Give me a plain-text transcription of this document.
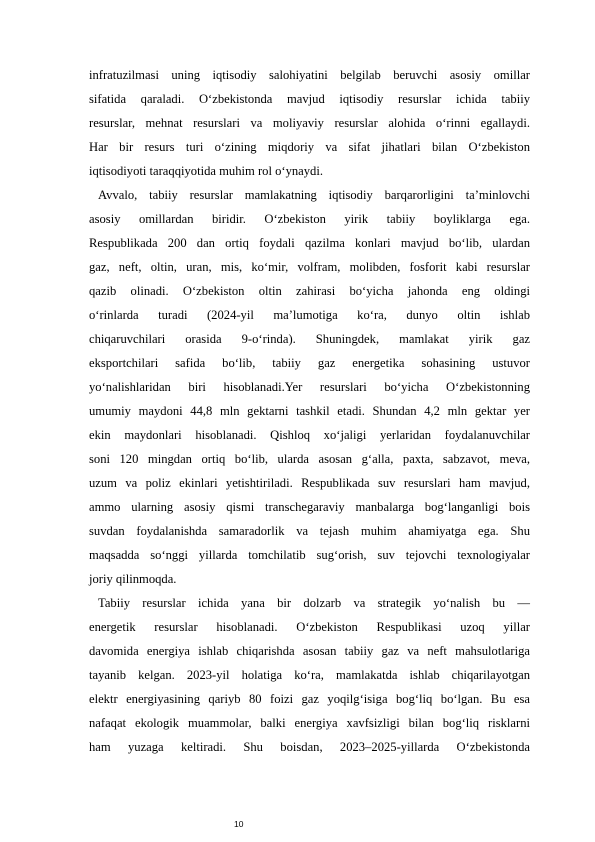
infratuzilmasi uning iqtisodiy salohiyatini belgilab beruvchi asosiy omillar
sifatida qaraladi. O‘zbekistonda mavjud iqtisodiy resurslar ichida tabiiy
resurslar, mehnat resurslari va moliyaviy resurslar alohida o‘rinni egallaydi.
Har bir resurs turi o‘zining miqdoriy va sifat jihatlari bilan O‘zbekiston
iqtisodiyoti taraqqiyotida muhim rol o‘ynaydi.
Avvalo, tabiiy resurslar mamlakatning iqtisodiy barqarorligini ta’minlovchi
asosiy omillardan biridir. O‘zbekiston yirik tabiiy boyliklarga ega.
Respublikada 200 dan ortiq foydali qazilma konlari mavjud bo‘lib, ulardan
gaz, neft, oltin, uran, mis, ko‘mir, volfram, molibden, fosforit kabi resurslar
qazib olinadi. O‘zbekiston oltin zahirasi bo‘yicha jahonda eng oldingi
o‘rinlarda turadi (2024-yil ma’lumotiga ko‘ra, dunyo oltin ishlab
chiqaruvchilari orasida 9-o‘rinda). Shuningdek, mamlakat yirik gaz
eksportchilari safida bo‘lib, tabiiy gaz energetika sohasining ustuvor
yo‘nalishlaridan biri hisoblanadi.Yer resurslari bo‘yicha O‘zbekistonning
umumiy maydoni 44,8 mln gektarni tashkil etadi. Shundan 4,2 mln gektar yer
ekin maydonlari hisoblanadi. Qishloq xo‘jaligi yerlaridan foydalanuvchilar
soni 120 mingdan ortiq bo‘lib, ularda asosan g‘alla, paxta, sabzavot, meva,
uzum va poliz ekinlari yetishtiriladi. Respublikada suv resurslari ham mavjud,
ammo ularning asosiy qismi transchegaraviy manbalarga bog‘langanligi bois
suvdan foydalanishda samaradorlik va tejash muhim ahamiyatga ega. Shu
maqsadda so‘nggi yillarda tomchilatib sug‘orish, suv tejovchi texnologiyalar
joriy qilinmoqda.
Tabiiy resurslar ichida yana bir dolzarb va strategik yo‘nalish bu —
energetik resurslar hisoblanadi. O‘zbekiston Respublikasi uzoq yillar
davomida energiya ishlab chiqarishda asosan tabiiy gaz va neft mahsulotlariga
tayanib kelgan. 2023-yil holatiga ko‘ra, mamlakatda ishlab chiqarilayotgan
elektr energiyasining qariyb 80 foizi gaz yoqilg‘isiga bog‘liq bo‘lgan. Bu esa
nafaqat ekologik muammolar, balki energiya xavfsizligi bilan bog‘liq risklarni
ham yuzaga keltiradi. Shu boisdan, 2023–2025-yillarda O‘zbekistonda
10
